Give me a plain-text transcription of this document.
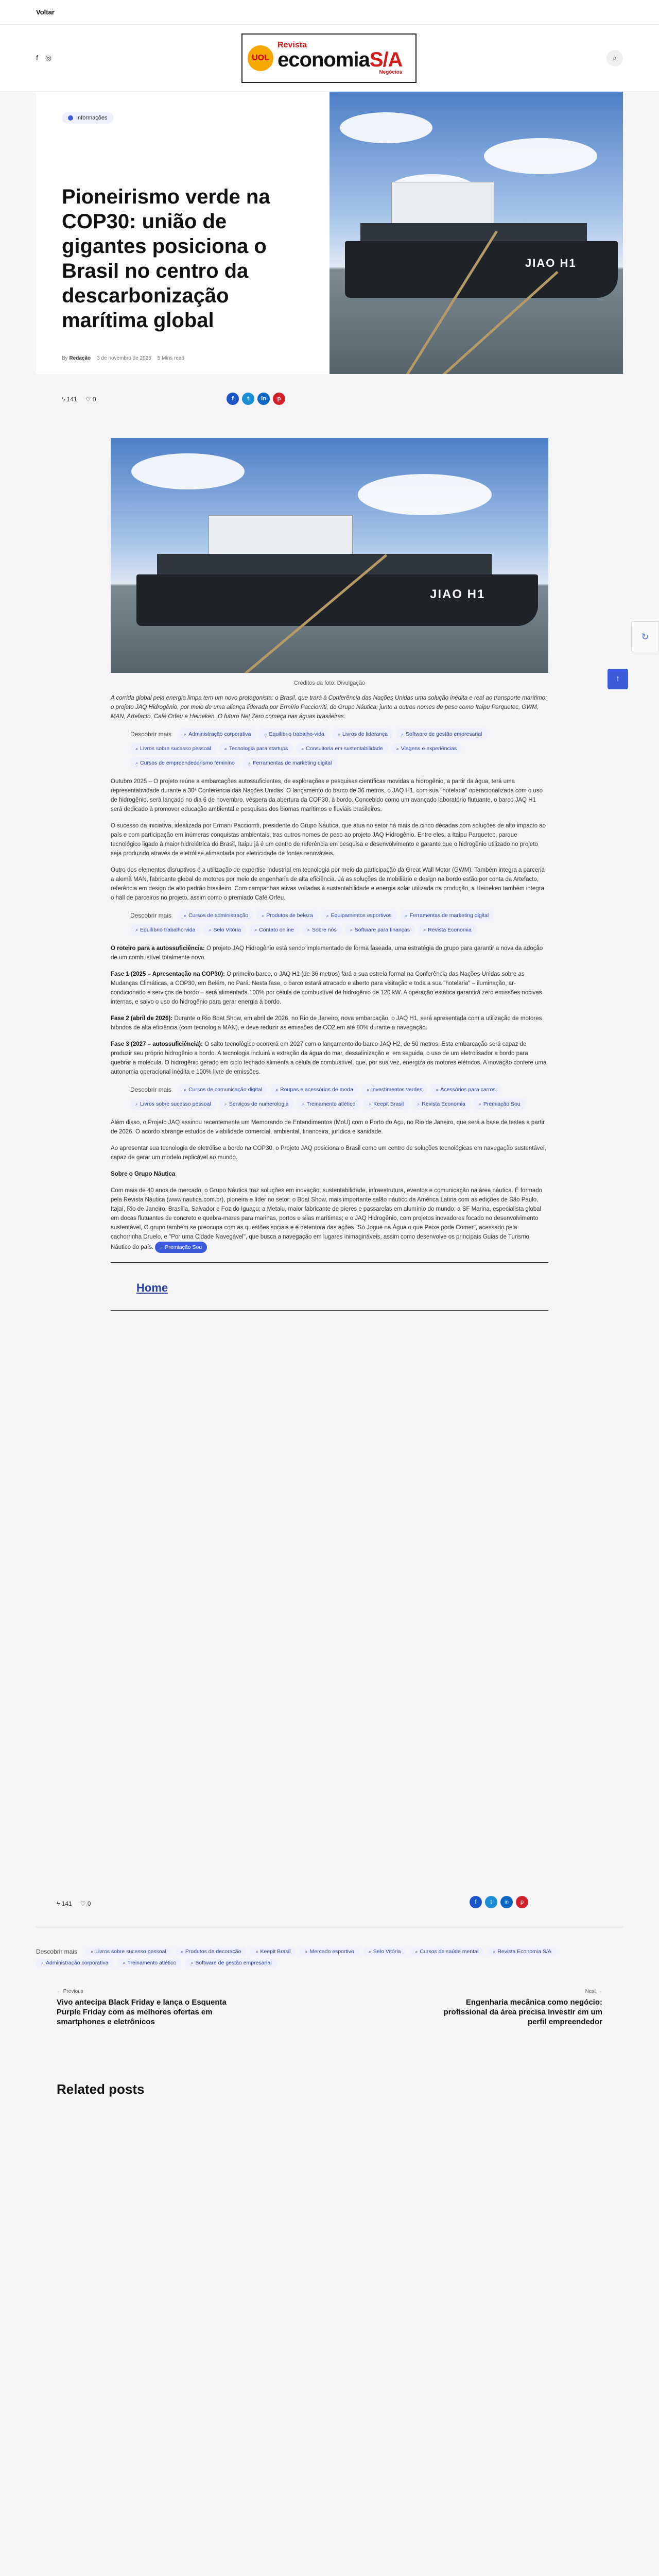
Voltar
f ◎	UOL
Revista
economiaS/A
Negócios
⌕
Informações
Pioneirismo verde na COP30: união de gigantes posiciona o Brasil no centro da descarbonização marítima global
By Redação 3 de novembro de 2025 5 Mins read
ϟ 141 ♡ 0	f	t	in	p
JIAO H1
JIAO H1
Créditos da foto: Divulgação

A corrida global pela energia limpa tem um novo protagonista: o Brasil, que trará à Conferência das Nações Unidas uma solução inédita e real ao transporte marítimo: o projeto JAQ Hidrogênio, por meio de uma aliança liderada por Ermírio Pacciorriti, do Grupo Náutica, junto a outros nomes de peso como Itaipu Parquetec, GWM, MAN, Artefacto, Café Orfeu e Heineken. O futuro Net Zero começa nas águas brasileiras.

Descobrir mais	⌕ Administração corporativa	⌕ Equilíbrio trabalho-vida	⌕ Livros de liderança	⌕ Software de gestão empresarial
⌕ Livros sobre sucesso pessoal	⌕ Tecnologia para startups	⌕ Consultoria em sustentabilidade	⌕ Viagens e experiências
⌕ Cursos de empreendedorismo feminino	⌕ Ferramentas de marketing digital

Outubro 2025 – O projeto reúne a embarcações autossuficientes, de explorações e pesquisas científicas movidas a hidrogênio, a partir da água, terá uma representatividade durante a 30ª Conferência das Nações Unidas. O lançamento do barco de 36 metros, o JAQ H1, com sua "hotelaria" operacionalizada com o uso de hidrogênio, será lançado no dia 6 de novembro, véspera da abertura da COP30, à bordo. Concebido como um avançado laboratório flutuante, o barco JAQ H1 será dedicado à promover educação ambiental e pesquisas dos biomas marítimos e fluviais brasileiros.

O sucesso da iniciativa, idealizada por Ermani Pacciorriti, presidente do Grupo Náutica, que atua no setor há mais de cinco décadas com soluções de alto impacto ao país e com participação em inúmeras conquistas ambientais, tras outros nomes de peso ao projeto JAQ Hidrogênio. Entre eles, a Itaipu Parquetec, parque tecnológico ligado à maior hidrelétrica do Brasil, Itaipu já é um centro de referência em pesquisa e desenvolvimento e garante que o hidrogênio utilizado no projeto seja produzido através de eletrólise alimentada por eletricidade de fontes renováveis.

Outro dos elementos disruptivos é a utilização de expertise industrial em tecnologia por meio da participação da Great Wall Motor (GWM). Também integra a parceria a alemã MAN, fabricante global de motores por meio de engenharia de alta eficiência. Já as soluções de mobiliário e design na bordo estão por conta da Artefacto, referência em design de alto padrão brasileiro. Com campanhas ativas voltadas à sustentabilidade e energia solar utilizada na produção, a Heineken também integra o hall de parceiros no projeto, assim como o premiado Café Orfeu.

Descobrir mais	⌕ Cursos de administração	⌕ Produtos de beleza	⌕ Equipamentos esportivos	⌕ Ferramentas de marketing digital
⌕ Equilíbrio trabalho-vida	⌕ Selo Vitória	⌕ Contato online	⌕ Sobre nós	⌕ Software para finanças	⌕ Revista Economia

O roteiro para a autossuficiência: O projeto JAQ Hidrogênio está sendo implementado de forma faseada, uma estratégia do grupo para garantir a nova da adoção de um combustível totalmente novo.

Fase 1 (2025 – Apresentação na COP30): O primeiro barco, o JAQ H1 (de 36 metros) fará a sua estreia formal na Conferência das Nações Unidas sobre as Mudanças Climáticas, a COP30, em Belém, no Pará. Nesta fase, o barco estará atracado e aberto para visitação e toda a sua "hotelaria" – iluminação, ar-condicionado e serviços de bordo – será alimentada 100% por célula de combustível de hidrogênio de 120 kW. A operação estática garantirá zero emissões nocivas internas, e salvo o uso do hidrogênio para gerar energia à bordo.

Fase 2 (abril de 2026): Durante o Rio Boat Show, em abril de 2026, no Rio de Janeiro, nova embarcação, o JAQ H1, será apresentada com a utilização de motores híbridos de alta eficiência (com tecnologia MAN), e deve reduzir as emissões de CO2 em até 80% durante a navegação.

Fase 3 (2027 – autossuficiência): O salto tecnológico ocorrerá em 2027 com o lançamento do barco JAQ H2, de 50 metros. Esta embarcação será capaz de produzir seu próprio hidrogênio a bordo. A tecnologia incluirá a extração da água do mar, dessalinização e, em seguida, o uso de um eletrolisador a bordo para quebrar a molécula. O hidrogênio gerado em ciclo fechado alimenta a célula de combustível, que, por sua vez, energiza os motores elétricos. A inovação confere uma autonomia operacional inédita e 100% livre de emissões.

Descobrir mais	⌕ Cursos de comunicação digital	⌕ Roupas e acessórios de moda	⌕ Investimentos verdes	⌕ Acessórios para carros
⌕ Livros sobre sucesso pessoal	⌕ Serviços de numerologia	⌕ Treinamento atlético	⌕ Keepit Brasil	⌕ Revista Economia	⌕ Premiação Sou

Além disso, o Projeto JAQ assinou recentemente um Memorando de Entendimentos (MoU) com o Porto do Açu, no Rio de Janeiro, que será a base de testes a partir de 2026. O acordo abrange estudos de viabilidade comercial, ambiental, financeira, jurídica e sanidade.

Ao apresentar sua tecnologia de eletrólise a bordo na COP30, o Projeto JAQ posiciona o Brasil como um centro de soluções tecnológicas em navegação sustentável, capaz de gerar um modelo replicável ao mundo.

Sobre o Grupo Náutica

Com mais de 40 anos de mercado, o Grupo Náutica traz soluções em inovação, sustentabilidade, infraestrutura, eventos e comunicação na área náutica. É formado pela Revista Náutica (www.nautica.com.br), pioneira e líder no setor; o Boat Show, mais importante salão náutico da América Latina com as edições de São Paulo, Itajaí, Rio de Janeiro, Brasília, Salvador e Foz do Iguaçu; a Metalu, maior fabricante de píeres e passarelas em alumínio do mundo; a SF Marina, especialista global em docas flutuantes de concreto e quebra-mares para marinas, portos e silas marítimas; e o JAQ Hidrogênio, com projetos inovadores focado no desenvolvimento sustentável, O grupo também se preocupa com as questões sociais e é detentora das ações "Só Jogue na Água o que Peixe pode Comer", acessado pela cachorrinha Druelo, e "Por uma Cidade Navegável", que busca a navegação em lugares inimagináveis, assim como desenvolve os principais Guias de Turismo Náutico do país. ⌕ Premiação Sou

Home
ϟ 141 ♡ 0	f	t	in	p
Descobrir mais	⌕ Livros sobre sucesso pessoal	⌕ Produtos de decoração	⌕ Keepit Brasil	⌕ Mercado esportivo	⌕ Selo Vitória	⌕ Cursos de saúde mental	⌕ Revista Economia S/A
⌕ Administração corporativa	⌕ Treinamento atlético	⌕ Software de gestão empresarial
← Previous
Vivo antecipa Black Friday e lança o Esquenta Purple Friday com as melhores ofertas em smartphones e eletrônicos
Next →
Engenharia mecânica como negócio: profissional da área precisa investir em um perfil empreendedor
Related posts
↻
↑
